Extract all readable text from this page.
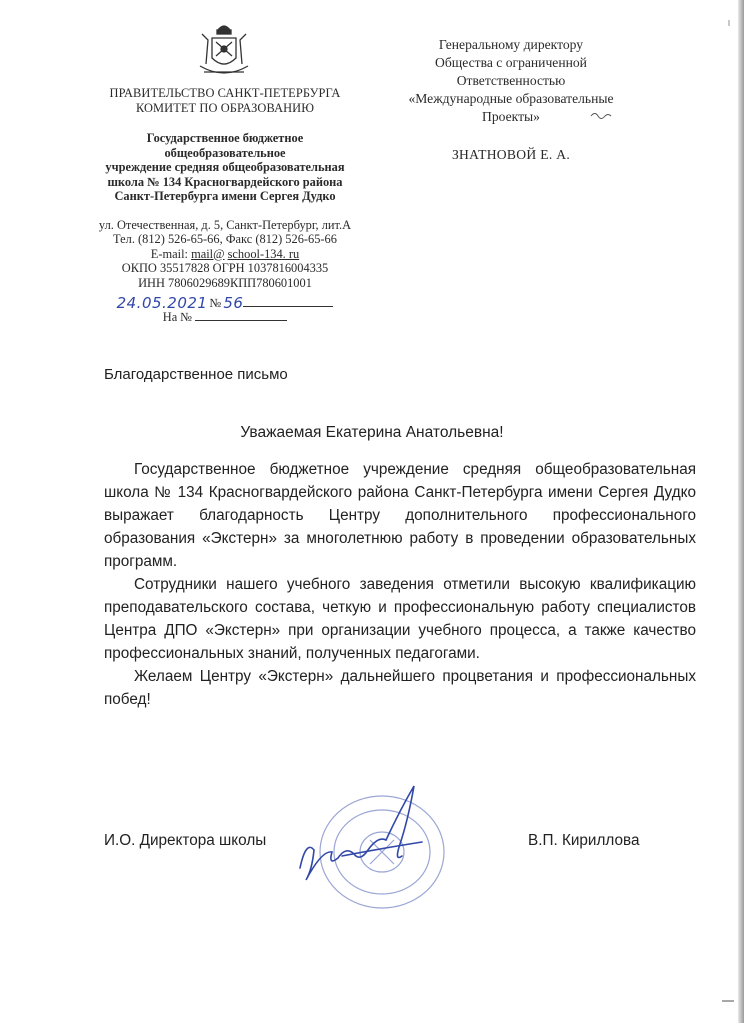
ПРАВИТЕЛЬСТВО САНКТ-ПЕТЕРБУРГА
КОМИТЕТ ПО ОБРАЗОВАНИЮ
Государственное бюджетное
общеобразовательное
учреждение средняя общеобразовательная
школа № 134 Красногвардейского района
Санкт-Петербурга имени Сергея Дудко
ул. Отечественная, д. 5, Санкт-Петербург, лит.А
Тел. (812) 526-65-66, Факс (812) 526-65-66
E-mail: mail@ school-134. ru
ОКПО 35517828 ОГРН 1037816004335
ИНН 7806029689КПП780601001
24.05.2021 № 56
На №
Генеральному директору
Общества с ограниченной
Ответственностью
«Международные образовательные
Проекты»
ЗНАТНОВОЙ Е. А.
Благодарственное письмо
Уважаемая Екатерина Анатольевна!

Государственное бюджетное учреждение средняя общеобразовательная школа № 134 Красногвардейского района Санкт-Петербурга имени Сергея Дудко выражает благодарность Центру дополнительного профессионального образования «Экстерн» за многолетнюю работу в проведении образовательных программ.

Сотрудники нашего учебного заведения отметили высокую квалификацию преподавательского состава, четкую и профессиональную работу специалистов Центра ДПО «Экстерн» при организации учебного процесса, а также качество профессиональных знаний, полученных педагогами.

Желаем Центру «Экстерн» дальнейшего процветания и профессиональных побед!

И.О. Директора школы	В.П. Кириллова
